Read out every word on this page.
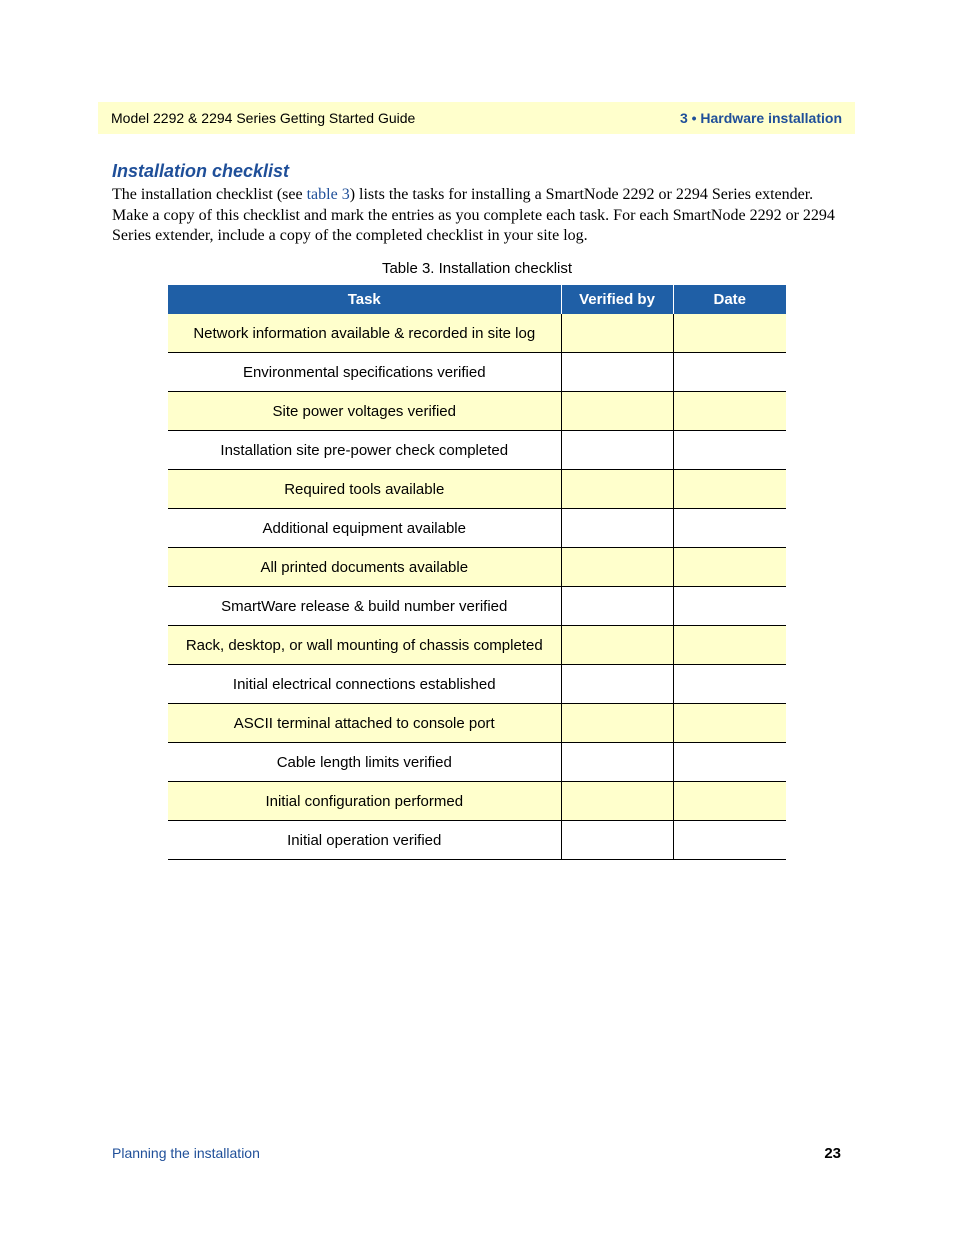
Model 2292 & 2294 Series Getting Started Guide	3 • Hardware installation
Installation checklist

The installation checklist (see table 3) lists the tasks for installing a SmartNode 2292 or 2294 Series extender. Make a copy of this checklist and mark the entries as you complete each task. For each SmartNode 2292 or 2294 Series extender, include a copy of the completed checklist in your site log.

Table 3. Installation checklist
Task	Verified by	Date
Network information available & recorded in site log		
Environmental specifications verified		
Site power voltages verified		
Installation site pre-power check completed		
Required tools available		
Additional equipment available		
All printed documents available		
SmartWare release & build number verified		
Rack, desktop, or wall mounting of chassis completed		
Initial electrical connections established		
ASCII terminal attached to console port		
Cable length limits verified		
Initial configuration performed		
Initial operation verified		
Planning the installation	23
